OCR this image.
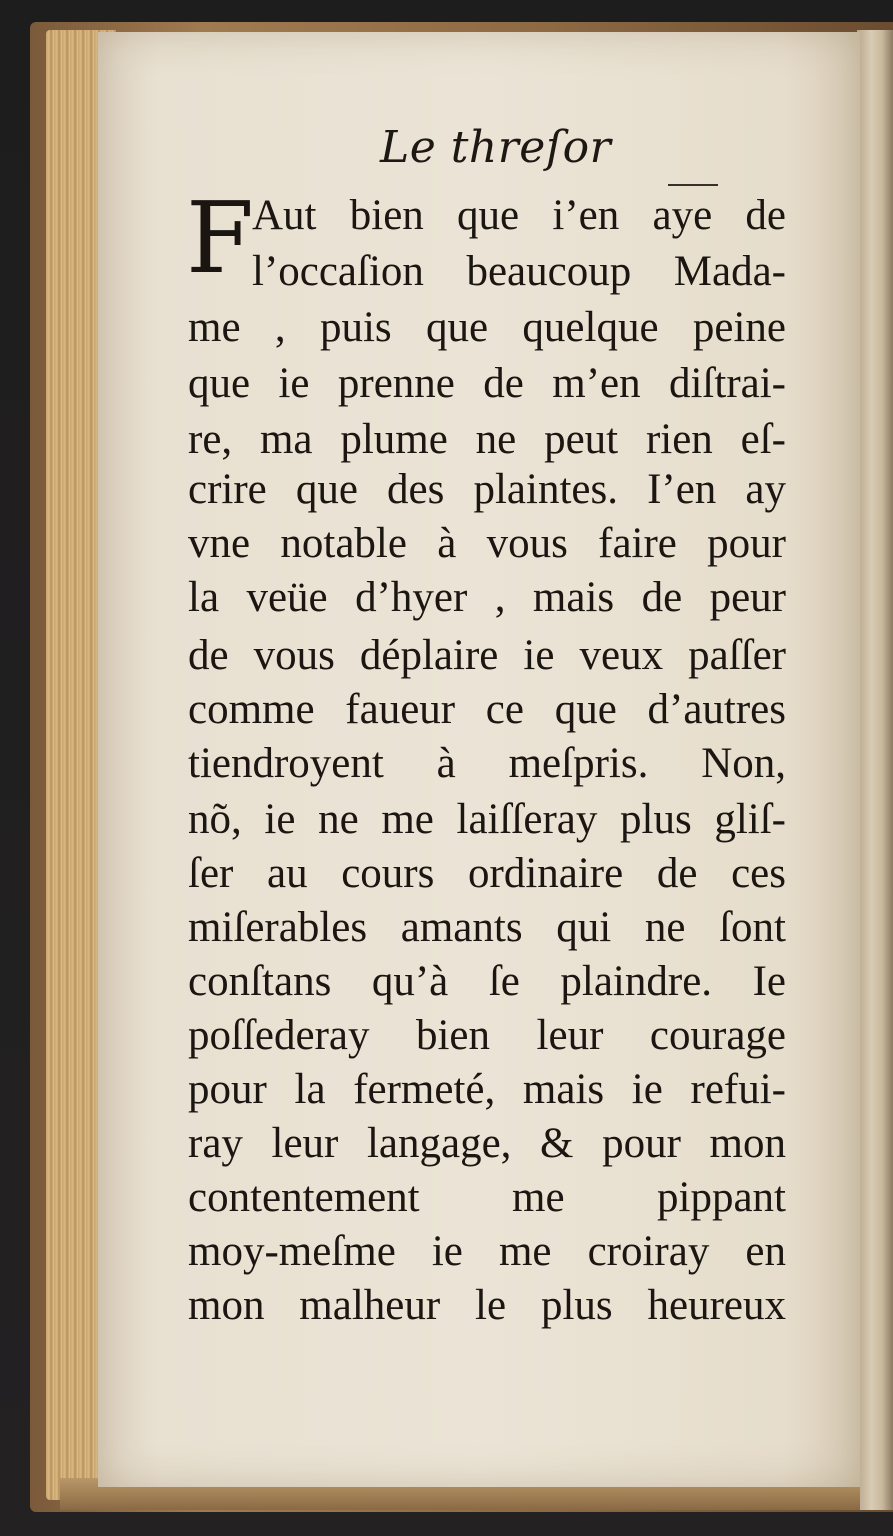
Le threſor
F
Aut bien que i’en aye de
l’occaſion beaucoup Mada-
me , puis que quelque peine
que ie prenne de m’en diſtrai-
re, ma plume ne peut rien eſ-
crire que des plaintes. I’en ay
vne notable à vous faire pour
la veüe d’hyer , mais de peur
de vous déplaire ie veux paſſer
comme faueur ce que d’autres
tiendroyent à meſpris. Non,
nõ, ie ne me laiſſeray plus gliſ-
ſer au cours ordinaire de ces
miſerables amants qui ne ſont
conſtans qu’à ſe plaindre. Ie
poſſederay bien leur courage
pour la fermeté, mais ie refui-
ray leur langage, & pour mon
contentement me pippant
moy-meſme ie me croiray en
mon malheur le plus heureux
